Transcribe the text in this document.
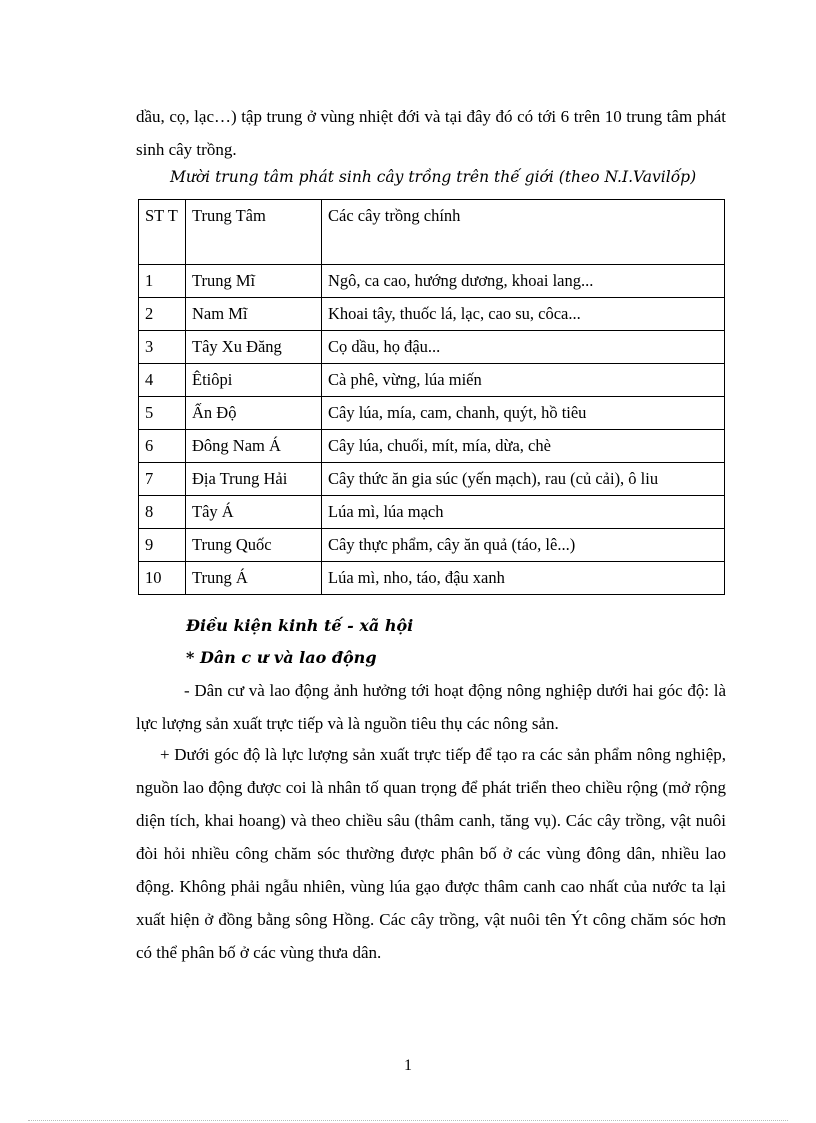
dầu, cọ, lạc…) tập trung ở vùng nhiệt đới và tại đây đó có tới 6 trên 10 trung tâm phát sinh cây trồng.
Mười trung tâm phát sinh cây trồng trên thế giới (theo N.I.Vavilốp)
ST T	Trung Tâm	Các cây trồng chính
1	Trung Mĩ	Ngô, ca cao, hướng dương, khoai lang...
2	Nam Mĩ	Khoai tây, thuốc lá, lạc, cao su, côca...
3	Tây Xu Đăng	Cọ dầu, họ đậu...
4	Êtiôpi	Cà phê, vừng, lúa miến
5	Ấn Độ	Cây lúa, mía, cam, chanh, quýt, hồ tiêu
6	Đông Nam Á	Cây lúa, chuối, mít, mía, dừa, chè
7	Địa Trung Hải	Cây thức ăn gia súc (yến mạch), rau (củ cải), ô liu
8	Tây Á	Lúa mì, lúa mạch
9	Trung Quốc	Cây thực phẩm, cây ăn quả (táo, lê...)
10	Trung Á	Lúa mì, nho, táo, đậu xanh
Điều kiện kinh tế - xã hội
* Dân c ư và lao động
- Dân cư và lao động ảnh hưởng tới hoạt động nông nghiệp dưới hai góc độ: là lực lượng sản xuất trực tiếp và là nguồn tiêu thụ các nông sản.
+ Dưới góc độ là lực lượng sản xuất trực tiếp để tạo ra các sản phẩm nông nghiệp, nguồn lao động được coi là nhân tố quan trọng để phát triển theo chiều rộng (mở rộng diện tích, khai hoang) và theo chiều sâu (thâm canh, tăng vụ). Các cây trồng, vật nuôi đòi hỏi nhiều công chăm sóc thường được phân bố ở các vùng đông dân, nhiều lao động. Không phải ngẫu nhiên, vùng lúa gạo được thâm canh cao nhất của nước ta lại xuất hiện ở đồng bằng sông Hồng. Các cây trồng, vật nuôi tên Ýt công chăm sóc hơn có thể phân bố ở các vùng thưa dân.
1
